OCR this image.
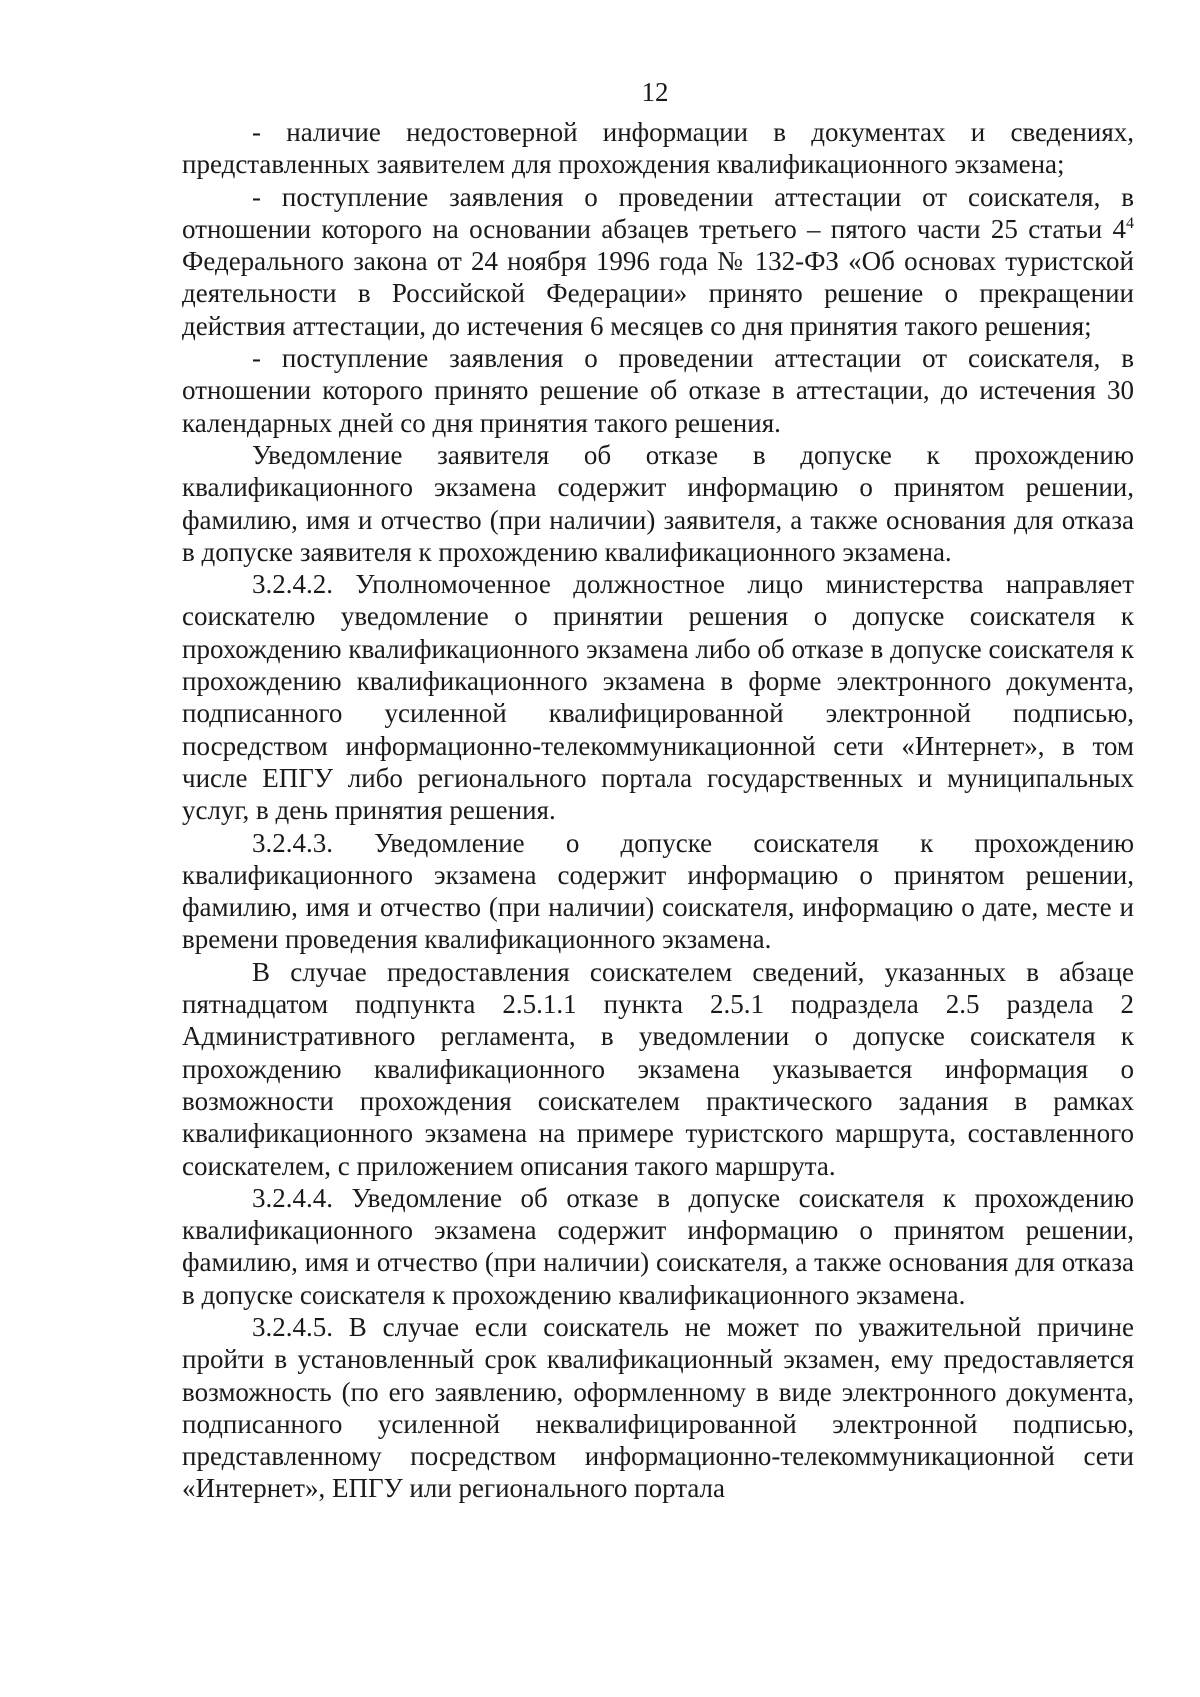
12

- наличие недостоверной информации в документах и сведениях, представленных заявителем для прохождения квалификационного экзамена;

- поступление заявления о проведении аттестации от соискателя, в отношении которого на основании абзацев третьего – пятого части 25 статьи $4^4$ Федерального закона от 24 ноября 1996 года № 132-ФЗ «Об основах туристской деятельности в Российской Федерации» принято решение о прекращении действия аттестации, до истечения 6 месяцев со дня принятия такого решения;

- поступление заявления о проведении аттестации от соискателя, в отношении которого принято решение об отказе в аттестации, до истечения 30 календарных дней со дня принятия такого решения.

Уведомление заявителя об отказе в допуске к прохождению квалификационного экзамена содержит информацию о принятом решении, фамилию, имя и отчество (при наличии) заявителя, а также основания для отказа в допуске заявителя к прохождению квалификационного экзамена.

3.2.4.2. Уполномоченное должностное лицо министерства направляет соискателю уведомление о принятии решения о допуске соискателя к прохождению квалификационного экзамена либо об отказе в допуске соискателя к прохождению квалификационного экзамена в форме электронного документа, подписанного усиленной квалифицированной электронной подписью, посредством информационно-телекоммуникационной сети «Интернет», в том числе ЕПГУ либо регионального портала государственных и муниципальных услуг, в день принятия решения.

3.2.4.3. Уведомление о допуске соискателя к прохождению квалификационного экзамена содержит информацию о принятом решении, фамилию, имя и отчество (при наличии) соискателя, информацию о дате, месте и времени проведения квалификационного экзамена.

В случае предоставления соискателем сведений, указанных в абзаце пятнадцатом подпункта 2.5.1.1 пункта 2.5.1 подраздела 2.5 раздела 2 Административного регламента, в уведомлении о допуске соискателя к прохождению квалификационного экзамена указывается информация о возможности прохождения соискателем практического задания в рамках квалификационного экзамена на примере туристского маршрута, составленного соискателем, с приложением описания такого маршрута.

3.2.4.4. Уведомление об отказе в допуске соискателя к прохождению квалификационного экзамена содержит информацию о принятом решении, фамилию, имя и отчество (при наличии) соискателя, а также основания для отказа в допуске соискателя к прохождению квалификационного экзамена.

3.2.4.5. В случае если соискатель не может по уважительной причине пройти в установленный срок квалификационный экзамен, ему предоставляется возможность (по его заявлению, оформленному в виде электронного документа, подписанного усиленной неквалифицированной электронной подписью, представленному посредством информационно-телекоммуникационной сети «Интернет», ЕПГУ или регионального портала
